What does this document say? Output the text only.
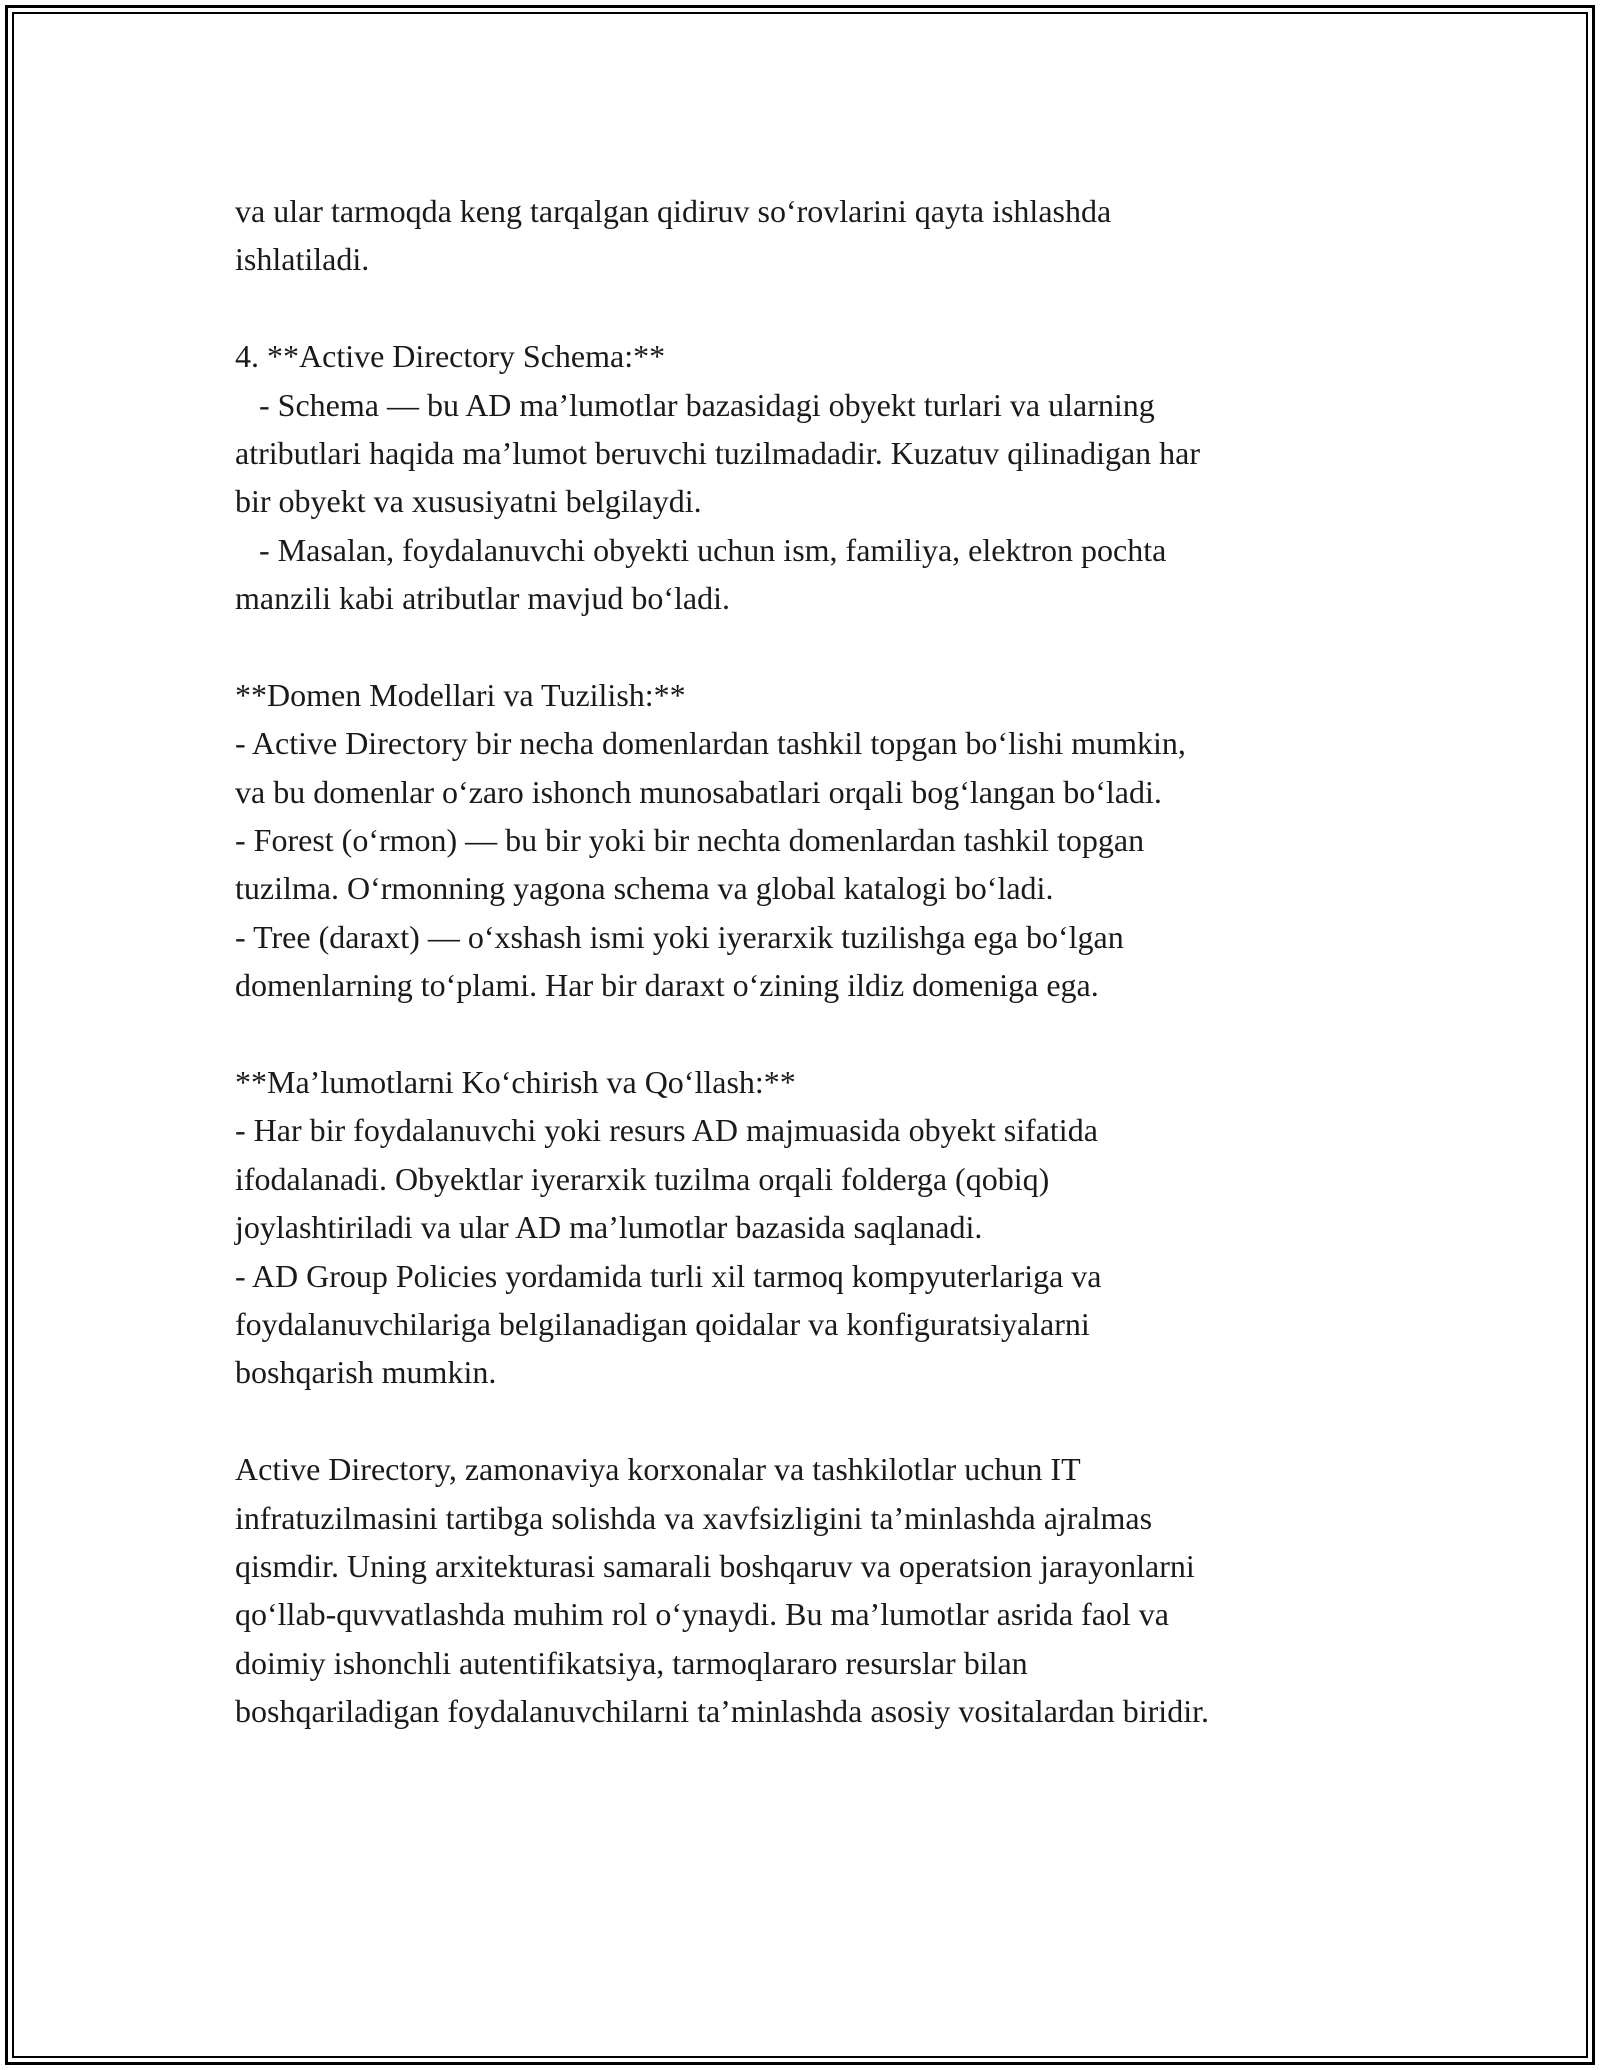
va ular tarmoqda keng tarqalgan qidiruv so‘rovlarini qayta ishlashda
ishlatiladi.
4. **Active Directory Schema:**
- Schema — bu AD ma’lumotlar bazasidagi obyekt turlari va ularning
atributlari haqida ma’lumot beruvchi tuzilmadadir. Kuzatuv qilinadigan har
bir obyekt va xususiyatni belgilaydi.
- Masalan, foydalanuvchi obyekti uchun ism, familiya, elektron pochta
manzili kabi atributlar mavjud bo‘ladi.
**Domen Modellari va Tuzilish:**
- Active Directory bir necha domenlardan tashkil topgan bo‘lishi mumkin,
va bu domenlar o‘zaro ishonch munosabatlari orqali bog‘langan bo‘ladi.
- Forest (o‘rmon) — bu bir yoki bir nechta domenlardan tashkil topgan
tuzilma. O‘rmonning yagona schema va global katalogi bo‘ladi.
- Tree (daraxt) — o‘xshash ismi yoki iyerarxik tuzilishga ega bo‘lgan
domenlarning to‘plami. Har bir daraxt o‘zining ildiz domeniga ega.
**Ma’lumotlarni Ko‘chirish va Qo‘llash:**
- Har bir foydalanuvchi yoki resurs AD majmuasida obyekt sifatida
ifodalanadi. Obyektlar iyerarxik tuzilma orqali folderga (qobiq)
joylashtiriladi va ular AD ma’lumotlar bazasida saqlanadi.
- AD Group Policies yordamida turli xil tarmoq kompyuterlariga va
foydalanuvchilariga belgilanadigan qoidalar va konfiguratsiyalarni
boshqarish mumkin.
Active Directory, zamonaviya korxonalar va tashkilotlar uchun IT
infratuzilmasini tartibga solishda va xavfsizligini ta’minlashda ajralmas
qismdir. Uning arxitekturasi samarali boshqaruv va operatsion jarayonlarni
qo‘llab-quvvatlashda muhim rol o‘ynaydi. Bu ma’lumotlar asrida faol va
doimiy ishonchli autentifikatsiya, tarmoqlararo resurslar bilan
boshqariladigan foydalanuvchilarni ta’minlashda asosiy vositalardan biridir.
